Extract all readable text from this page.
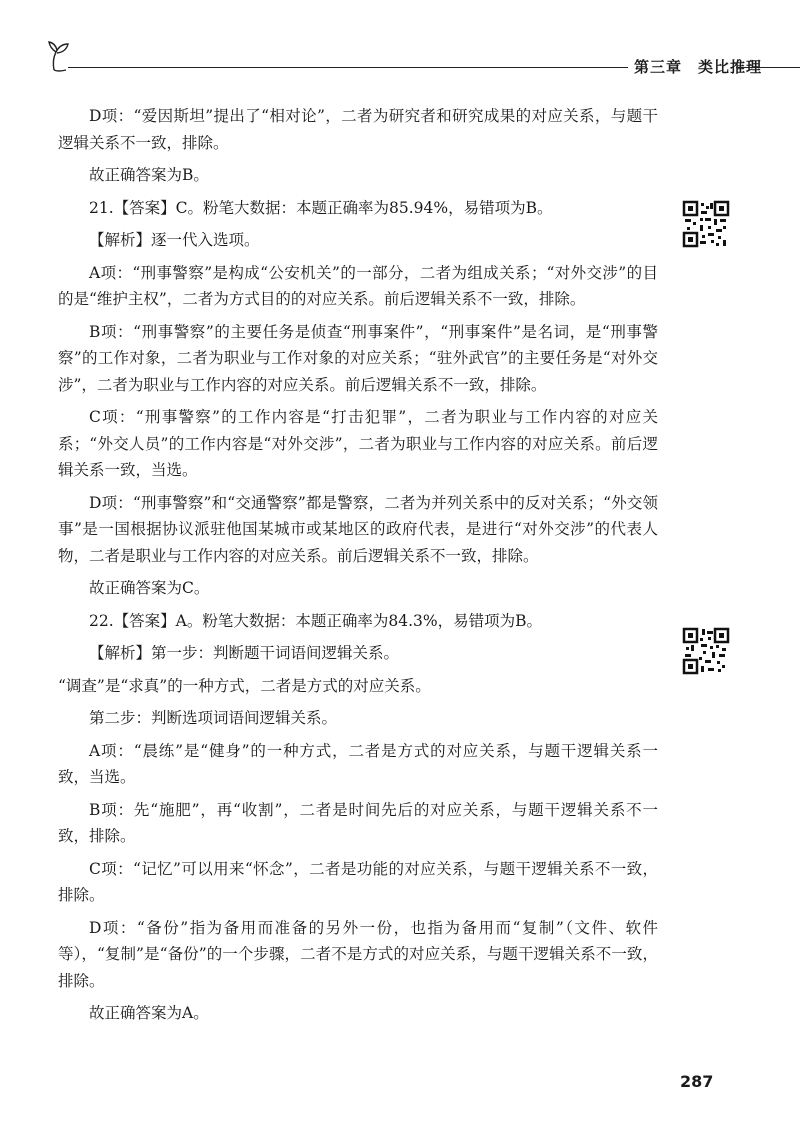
第三章 类比推理

D项：“爱因斯坦”提出了“相对论”，二者为研究者和研究成果的对应关系，与题干逻辑关系不一致，排除。

故正确答案为B。

21.【答案】C。粉笔大数据：本题正确率为85.94%，易错项为B。

【解析】逐一代入选项。

A项：“刑事警察”是构成“公安机关”的一部分，二者为组成关系；“对外交涉”的目的是“维护主权”，二者为方式目的的对应关系。前后逻辑关系不一致，排除。

B项：“刑事警察”的主要任务是侦查“刑事案件”，“刑事案件”是名词，是“刑事警察”的工作对象，二者为职业与工作对象的对应关系；“驻外武官”的主要任务是“对外交涉”，二者为职业与工作内容的对应关系。前后逻辑关系不一致，排除。

C项：“刑事警察”的工作内容是“打击犯罪”，二者为职业与工作内容的对应关系；“外交人员”的工作内容是“对外交涉”，二者为职业与工作内容的对应关系。前后逻辑关系一致，当选。

D项：“刑事警察”和“交通警察”都是警察，二者为并列关系中的反对关系；“外交领事”是一国根据协议派驻他国某城市或某地区的政府代表，是进行“对外交涉”的代表人物，二者是职业与工作内容的对应关系。前后逻辑关系不一致，排除。

故正确答案为C。

22.【答案】A。粉笔大数据：本题正确率为84.3%，易错项为B。

【解析】第一步：判断题干词语间逻辑关系。

“调查”是“求真”的一种方式，二者是方式的对应关系。

第二步：判断选项词语间逻辑关系。

A项：“晨练”是“健身”的一种方式，二者是方式的对应关系，与题干逻辑关系一致，当选。

B项：先“施肥”，再“收割”，二者是时间先后的对应关系，与题干逻辑关系不一致，排除。

C项：“记忆”可以用来“怀念”，二者是功能的对应关系，与题干逻辑关系不一致，排除。

D项：“备份”指为备用而准备的另外一份，也指为备用而“复制”（文件、软件等），“复制”是“备份”的一个步骤，二者不是方式的对应关系，与题干逻辑关系不一致，排除。

故正确答案为A。

287
